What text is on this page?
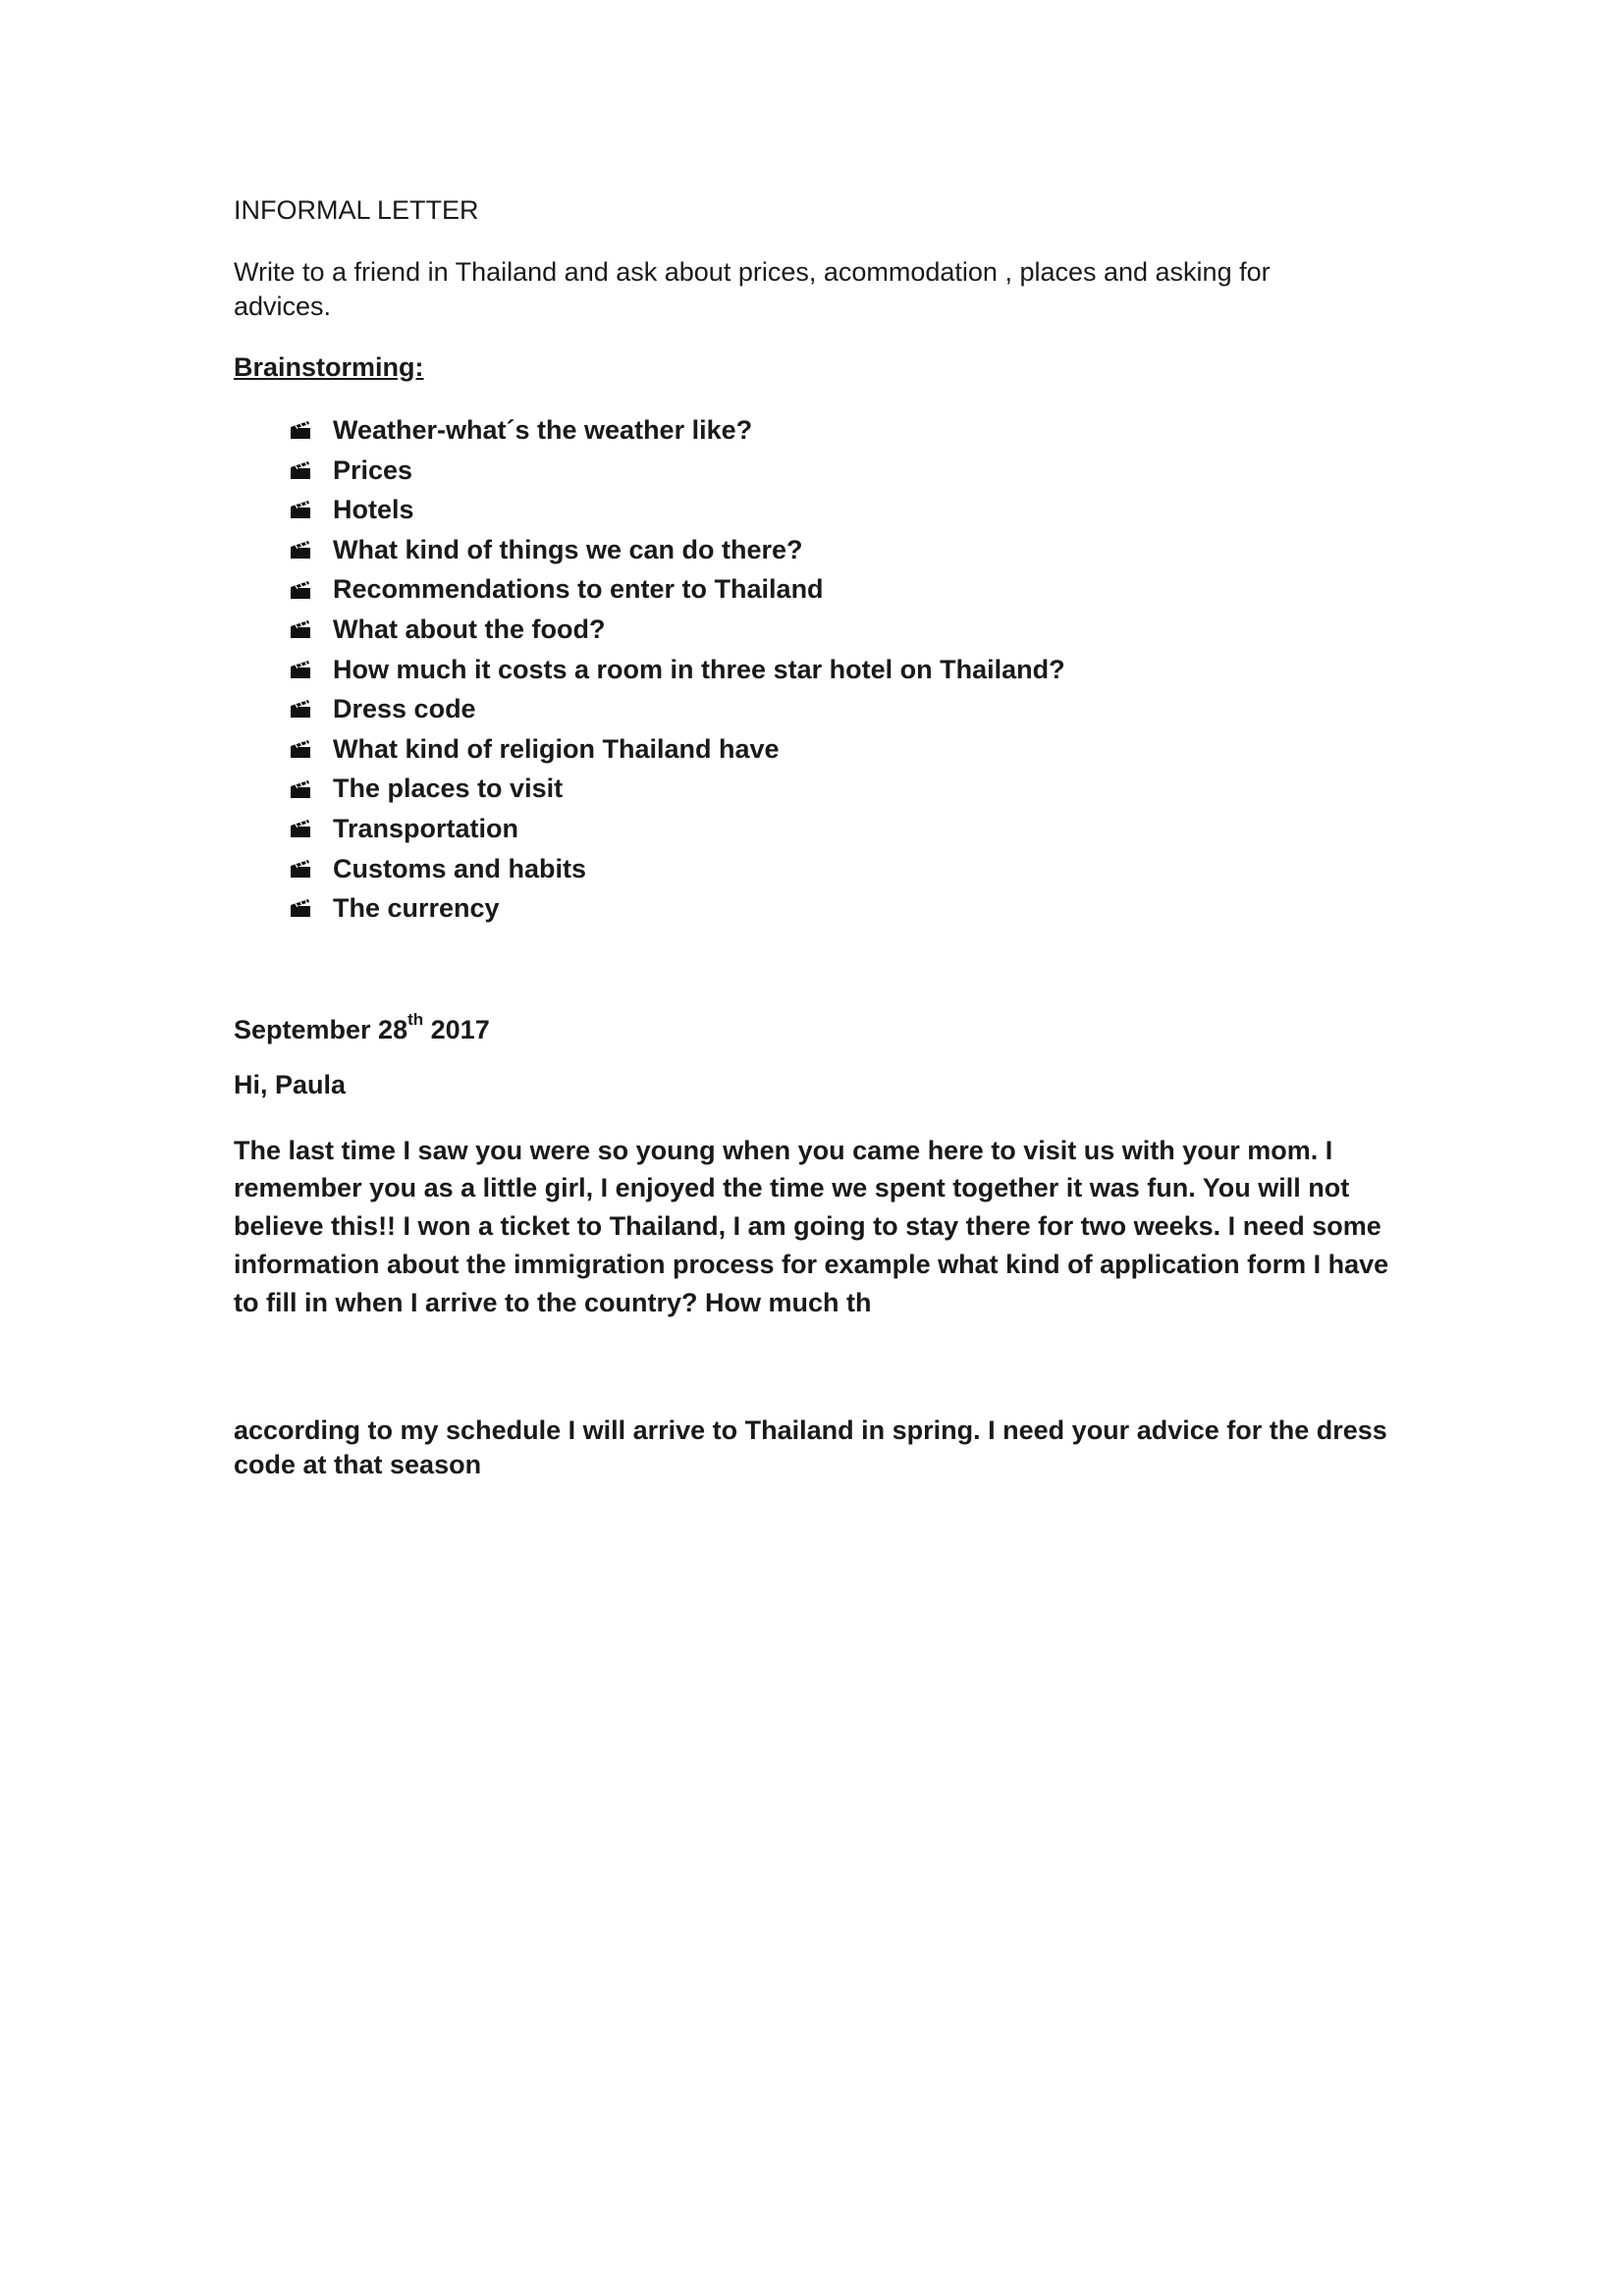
INFORMAL LETTER

Write to a friend in Thailand and ask about prices, acommodation , places and asking for advices.

Brainstorming:

Weather-what´s the weather like?
Prices
Hotels
What kind of things we can do there?
Recommendations to enter to Thailand
What about the food?
How much it costs a room in three star hotel on Thailand?
Dress code
What kind of religion Thailand have
The places to visit
Transportation
Customs and habits
The currency

September 28th 2017

Hi, Paula

The last time I saw you were so young when you came here to visit us with your mom. I remember you as a little girl, I enjoyed the time we spent together it was fun. You will not believe this!! I won a ticket to Thailand, I am going to stay there for two weeks. I need some information about the immigration process for example what kind of application form I have to fill in when I arrive to the country? How much th

according to my schedule I will arrive to Thailand in spring. I need your advice for the dress code at that season
